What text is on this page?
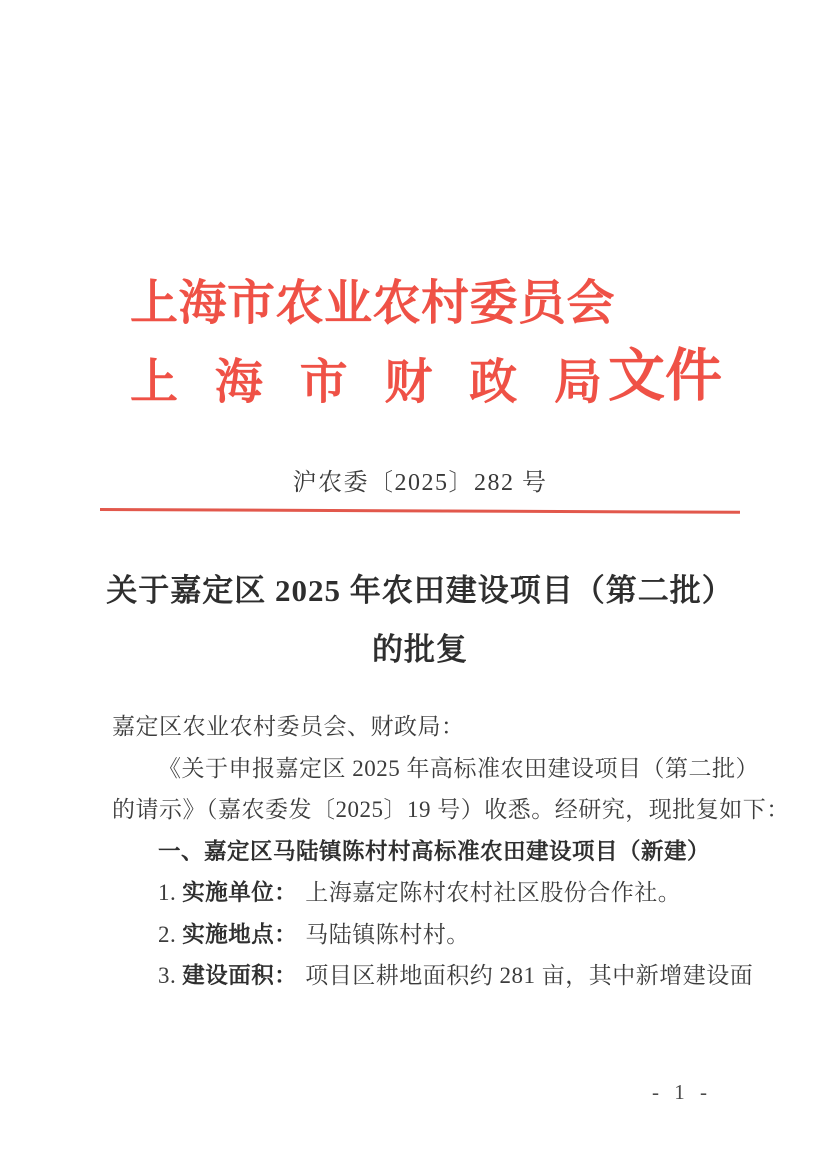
上海市农业农村委员会
上海市财政局 文件
沪农委〔2025〕282 号
关于嘉定区 2025 年农田建设项目（第二批）
的批复
嘉定区农业农村委员会、财政局：
《关于申报嘉定区 2025 年高标准农田建设项目（第二批）
的请示》（嘉农委发〔2025〕19 号）收悉。经研究，现批复如下：
一、嘉定区马陆镇陈村村高标准农田建设项目（新建）
1. 实施单位： 上海嘉定陈村农村社区股份合作社。
2. 实施地点： 马陆镇陈村村。
3. 建设面积： 项目区耕地面积约 281 亩，其中新增建设面
- 1 -
